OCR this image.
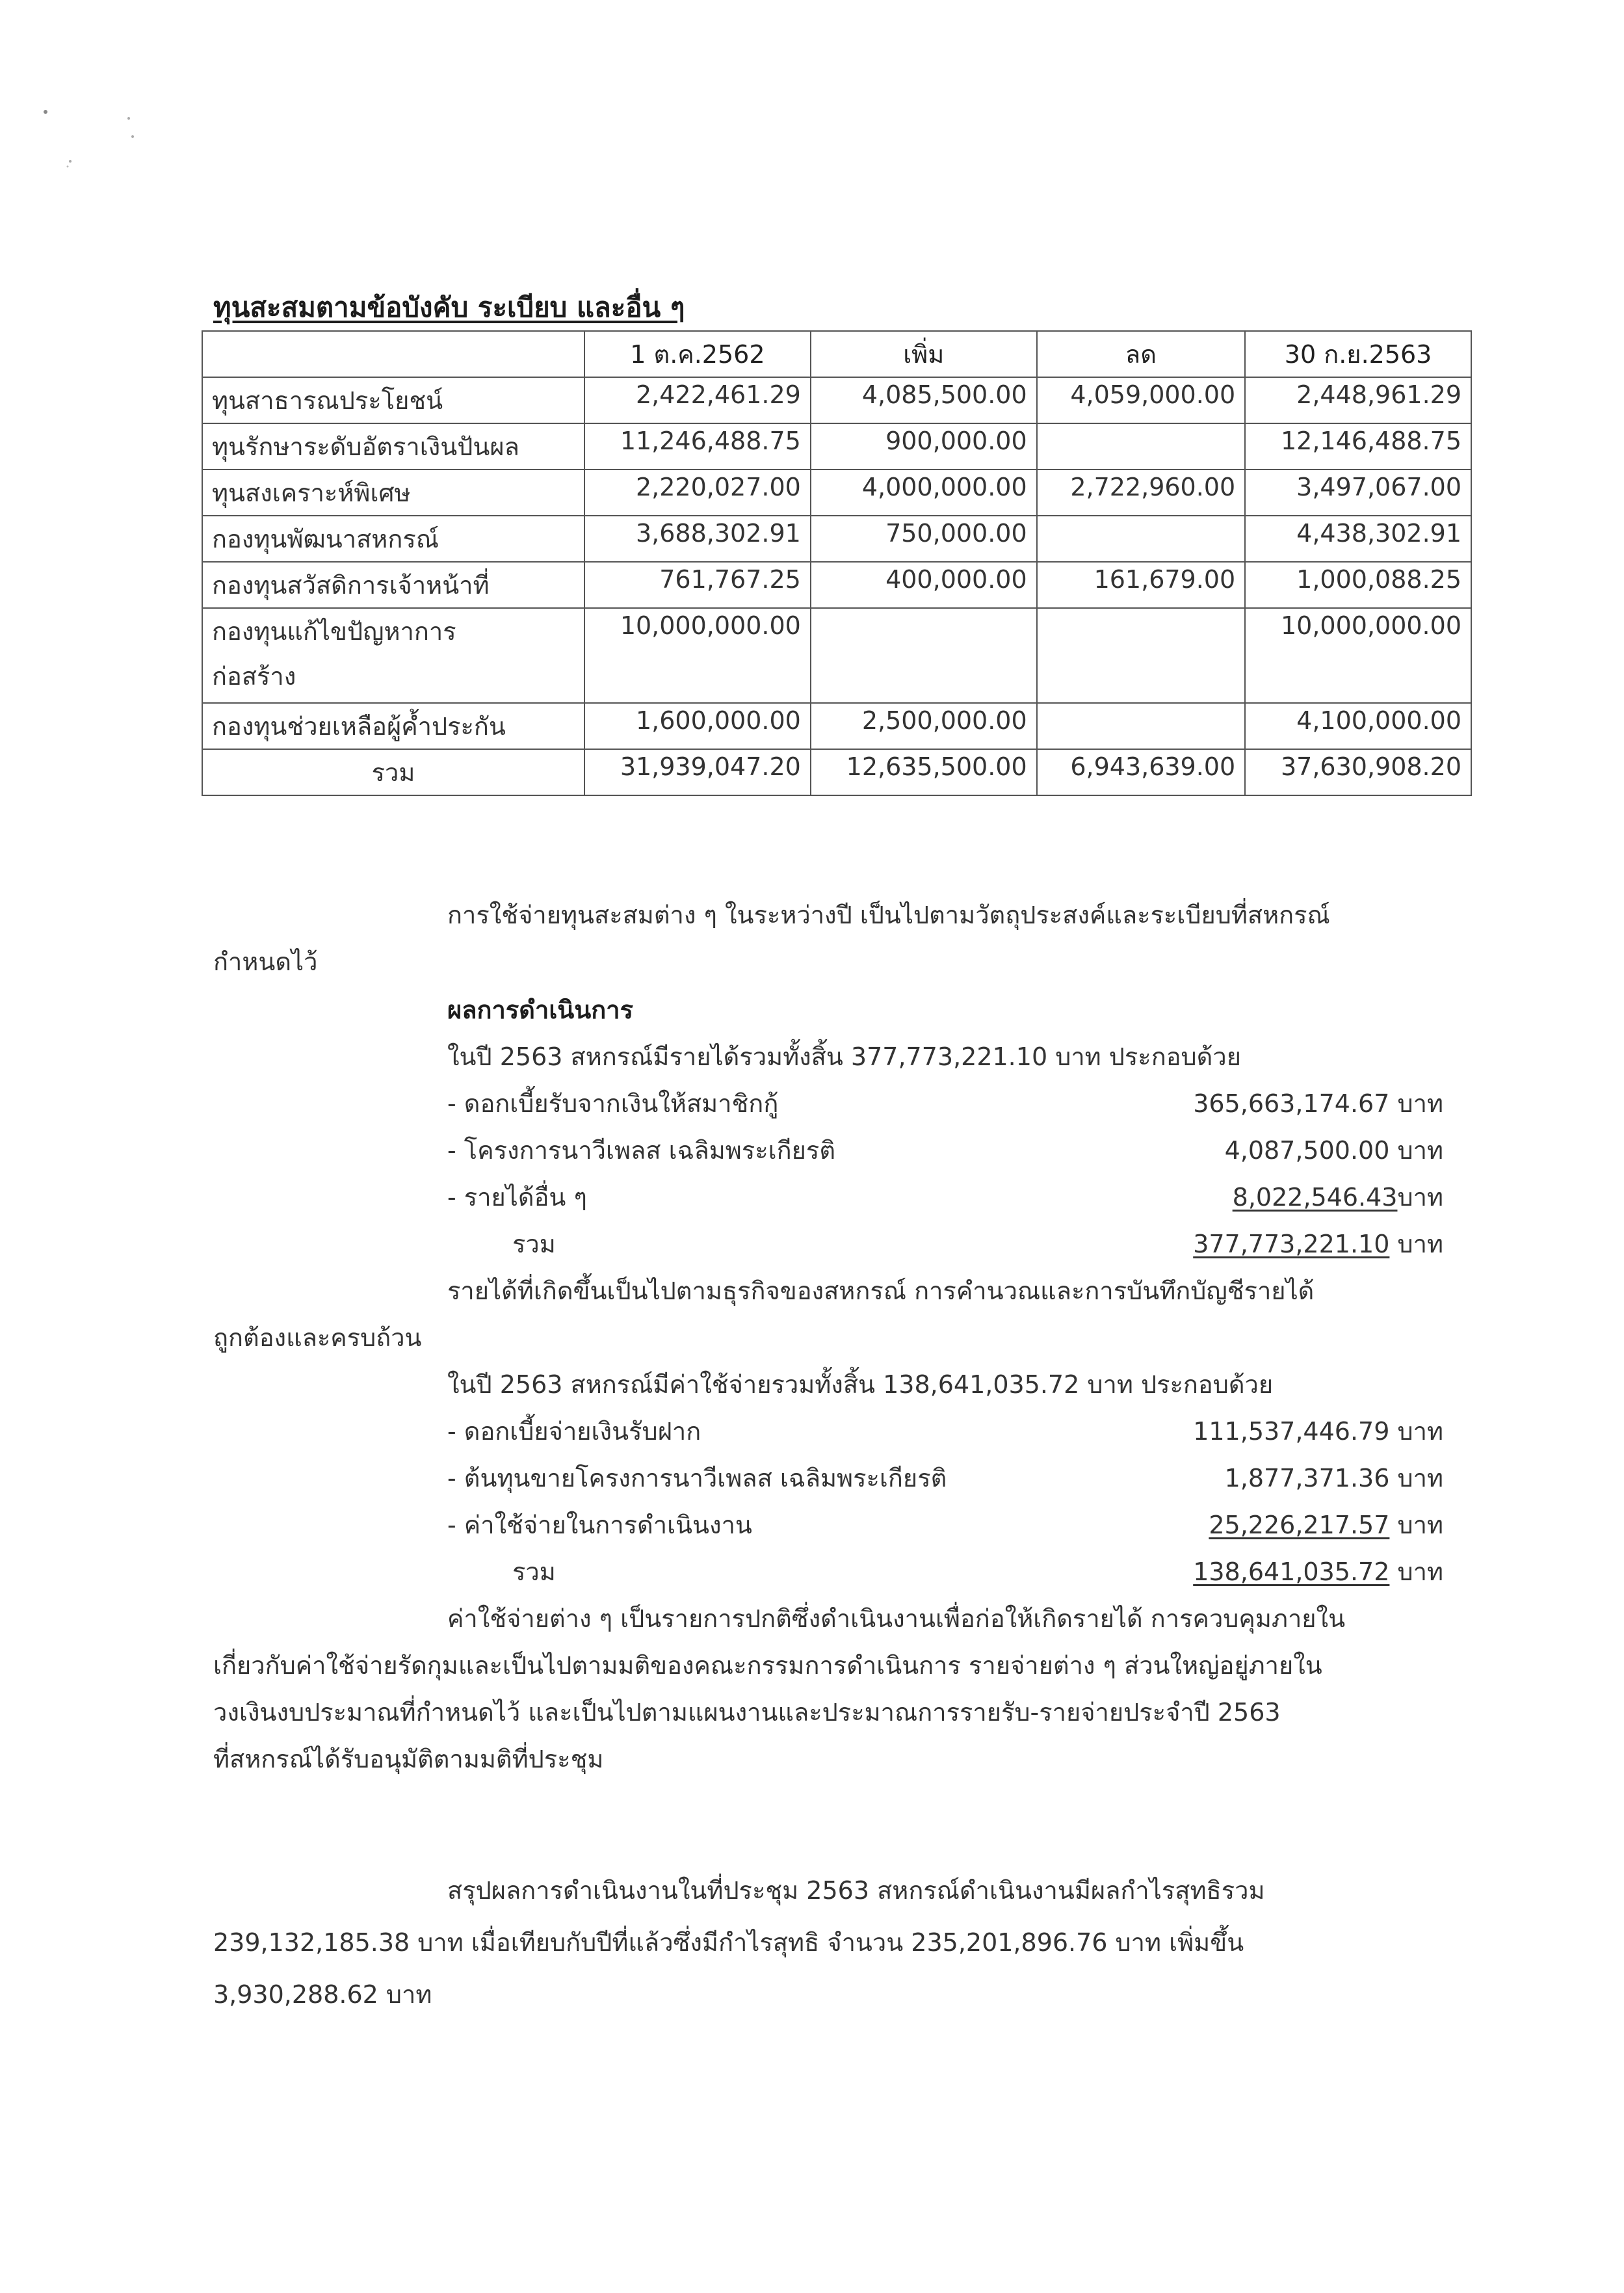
ทุนสะสมตามข้อบังคับ ระเบียบ และอื่น ๆ
	1 ต.ค.2562	เพิ่ม	ลด	30 ก.ย.2563
ทุนสาธารณประโยชน์	2,422,461.29	4,085,500.00	4,059,000.00	2,448,961.29
ทุนรักษาระดับอัตราเงินปันผล	11,246,488.75	900,000.00		12,146,488.75
ทุนสงเคราะห์พิเศษ	2,220,027.00	4,000,000.00	2,722,960.00	3,497,067.00
กองทุนพัฒนาสหกรณ์	3,688,302.91	750,000.00		4,438,302.91
กองทุนสวัสดิการเจ้าหน้าที่	761,767.25	400,000.00	161,679.00	1,000,088.25

กองทุนแก้ไขปัญหาการ
ก่อสร้าง	10,000,000.00			10,000,000.00
กองทุนช่วยเหลือผู้ค้ำประกัน	1,600,000.00	2,500,000.00		4,100,000.00
รวม	31,939,047.20	12,635,500.00	6,943,639.00	37,630,908.20
การใช้จ่ายทุนสะสมต่าง ๆ ในระหว่างปี เป็นไปตามวัตถุประสงค์และระเบียบที่สหกรณ์
กำหนดไว้
ผลการดำเนินการ
ในปี 2563 สหกรณ์มีรายได้รวมทั้งสิ้น 377,773,221.10 บาท ประกอบด้วย
- ดอกเบี้ยรับจากเงินให้สมาชิกกู้	365,663,174.67 บาท
- โครงการนาวีเพลส เฉลิมพระเกียรติ	4,087,500.00 บาท
- รายได้อื่น ๆ	8,022,546.43บาท
รวม	377,773,221.10 บาท
รายได้ที่เกิดขึ้นเป็นไปตามธุรกิจของสหกรณ์ การคำนวณและการบันทึกบัญชีรายได้
ถูกต้องและครบถ้วน
ในปี 2563 สหกรณ์มีค่าใช้จ่ายรวมทั้งสิ้น 138,641,035.72 บาท ประกอบด้วย
- ดอกเบี้ยจ่ายเงินรับฝาก	111,537,446.79 บาท
- ต้นทุนขายโครงการนาวีเพลส เฉลิมพระเกียรติ	1,877,371.36 บาท
- ค่าใช้จ่ายในการดำเนินงาน	25,226,217.57 บาท
รวม	138,641,035.72 บาท
ค่าใช้จ่ายต่าง ๆ เป็นรายการปกติซึ่งดำเนินงานเพื่อก่อให้เกิดรายได้ การควบคุมภายใน
เกี่ยวกับค่าใช้จ่ายรัดกุมและเป็นไปตามมติของคณะกรรมการดำเนินการ รายจ่ายต่าง ๆ ส่วนใหญ่อยู่ภายใน
วงเงินงบประมาณที่กำหนดไว้ และเป็นไปตามแผนงานและประมาณการรายรับ-รายจ่ายประจำปี 2563
ที่สหกรณ์ได้รับอนุมัติตามมติที่ประชุม
สรุปผลการดำเนินงานในที่ประชุม 2563 สหกรณ์ดำเนินงานมีผลกำไรสุทธิรวม
239,132,185.38 บาท เมื่อเทียบกับปีที่แล้วซึ่งมีกำไรสุทธิ จำนวน 235,201,896.76 บาท เพิ่มขึ้น
3,930,288.62 บาท
